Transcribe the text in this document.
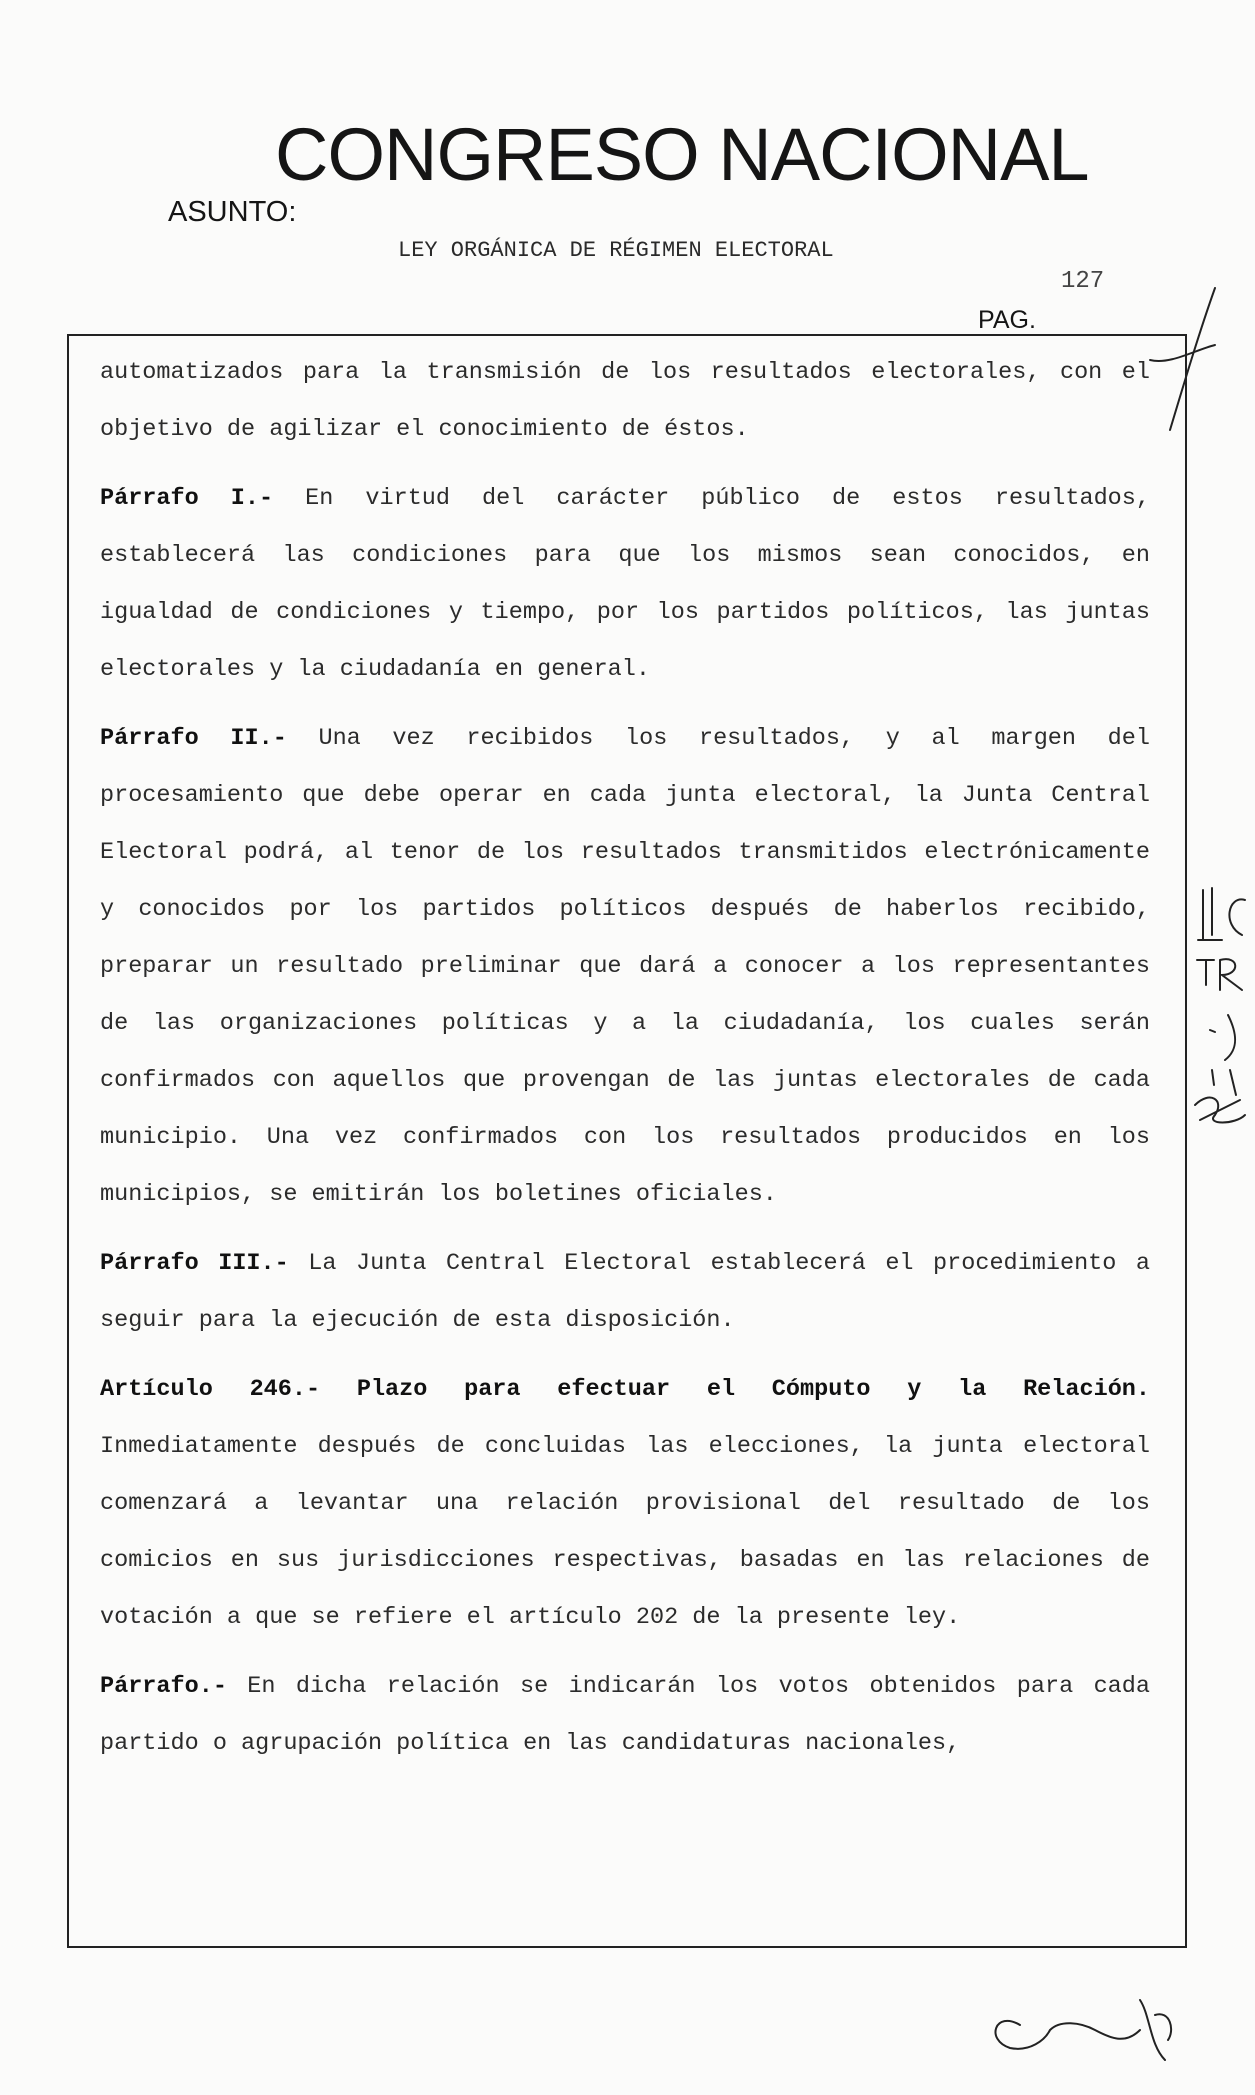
CONGRESO NACIONAL
ASUNTO:
LEY ORGÁNICA DE RÉGIMEN ELECTORAL
127
PAG.

automatizados para la transmisión de los resultados electorales, con el objetivo de agilizar el conocimiento de éstos.

Párrafo I.- En virtud del carácter público de estos resultados, establecerá las condiciones para que los mismos sean conocidos, en igualdad de condiciones y tiempo, por los partidos políticos, las juntas electorales y la ciudadanía en general.

Párrafo II.- Una vez recibidos los resultados, y al margen del procesamiento que debe operar en cada junta electoral, la Junta Central Electoral podrá, al tenor de los resultados transmitidos electrónicamente y conocidos por los partidos políticos después de haberlos recibido, preparar un resultado preliminar que dará a conocer a los representantes de las organizaciones políticas y a la ciudadanía, los cuales serán confirmados con aquellos que provengan de las juntas electorales de cada municipio. Una vez confirmados con los resultados producidos en los municipios, se emitirán los boletines oficiales.

Párrafo III.- La Junta Central Electoral establecerá el procedimiento a seguir para la ejecución de esta disposición.

Artículo 246.- Plazo para efectuar el Cómputo y la Relación. Inmediatamente después de concluidas las elecciones, la junta electoral comenzará a levantar una relación provisional del resultado de los comicios en sus jurisdicciones respectivas, basadas en las relaciones de votación a que se refiere el artículo 202 de la presente ley.

Párrafo.- En dicha relación se indicarán los votos obtenidos para cada partido o agrupación política en las candidaturas nacionales,
